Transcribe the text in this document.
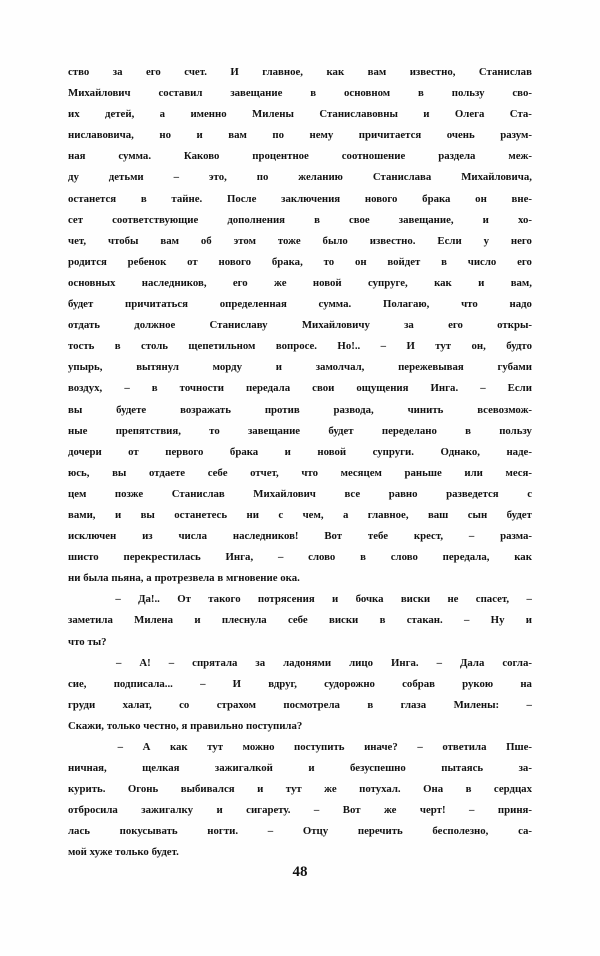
ство за его счет. И главное, как вам известно, Станислав
Михайлович	составил	завещание	в	основном	в	пользу	сво-
их детей, а именно Милены Станиславовны и Олега Ста-
ниславовича, но и вам по нему причитается очень разум-
ная	сумма.	Каково	процентное	соотношение	раздела	меж-
ду	детьми	–	это,	по	желанию	Станислава	Михайловича,
останется в тайне. После заключения нового брака он вне-
сет	соответствующие	дополнения	в	свое	завещание,	и	хо-
чет, чтобы вам об этом тоже было известно. Если у него
родится ребенок от нового брака, то он войдет в число его
основных наследников, его же новой супруге, как и вам,
будет	причитаться	определенная	сумма.	Полагаю,	что	надо
отдать	должное	Станиславу	Михайловичу	за	его	откры-
тость в столь щепетильном вопросе. Но!.. – И тут он, будто
упырь,	вытянул	морду	и	замолчал,	пережевывая	губами
воздух, – в точности передала свои ощущения Инга. – Если
вы	будете	возражать	против	развода,	чинить	всевозмож-
ные	препятствия,	то	завещание	будет	переделано	в	пользу
дочери от первого брака и новой супруги. Однако, наде-
юсь, вы отдаете себе отчет, что месяцем раньше или меся-
цем	позже	Станислав	Михайлович	все	равно	разведется	с
вами, и вы останетесь ни с чем, а главное, ваш сын будет
исключен из числа наследников! Вот тебе крест, – разма-
шисто перекрестилась Инга, – слово в слово передала, как
ни была пьяна, а протрезвела в мгновение ока.
– Да!.. От такого потрясения и бочка виски не спасет, –
заметила Милена и плеснула себе виски в стакан. – Ну и
что ты?
– А! – спрятала за ладонями лицо Инга. – Дала согла-
сие,	подписала...	–	И	вдруг,	судорожно	собрав	рукою	на
груди	халат,	со	страхом	посмотрела	в	глаза	Милены:	–
Скажи, только честно, я правильно поступила?
– А как тут можно поступить иначе? – ответила Пше-
ничная,	щелкая	зажигалкой	и	безуспешно	пытаясь	за-
курить. Огонь выбивался и тут же потухал. Она в сердцах
отбросила зажигалку и сигарету. – Вот же черт! – приня-
лась	покусывать	ногти.	–	Отцу	перечить	бесполезно,	са-
мой хуже только будет.
48
